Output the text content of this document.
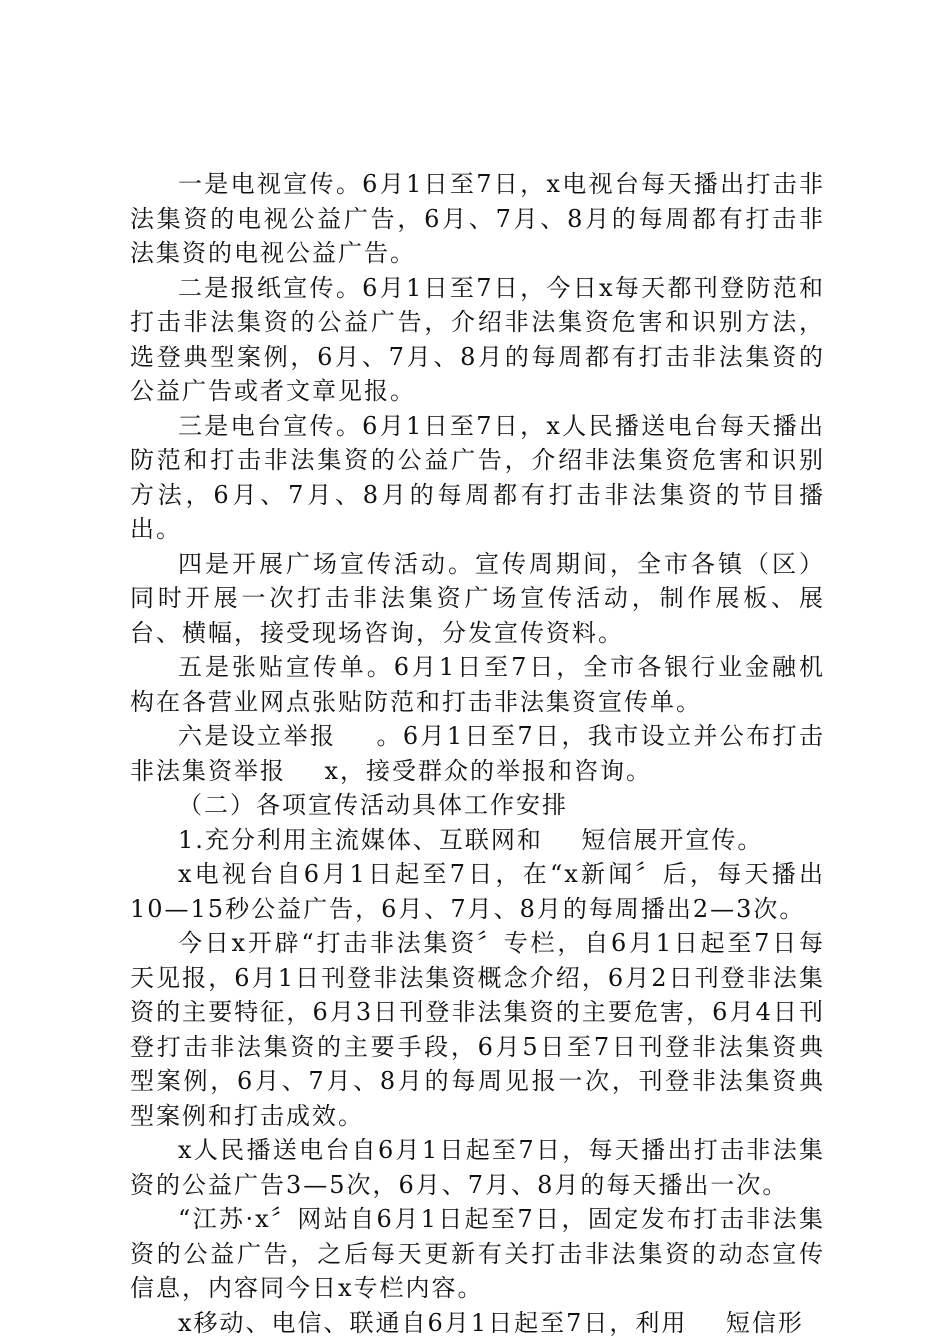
一是电视宣传。6月1日至7日，x电视台每天播出打击非法集资的电视公益广告，6月、7月、8月的每周都有打击非法集资的电视公益广告。

二是报纸宣传。6月1日至7日，今日x每天都刊登防范和打击非法集资的公益广告，介绍非法集资危害和识别方法，选登典型案例，6月、7月、8月的每周都有打击非法集资的公益广告或者文章见报。

三是电台宣传。6月1日至7日，x人民播送电台每天播出防范和打击非法集资的公益广告，介绍非法集资危害和识别方法，6月、7月、8月的每周都有打击非法集资的节目播出。

四是开展广场宣传活动。宣传周期间，全市各镇（区）同时开展一次打击非法集资广场宣传活动，制作展板、展台、横幅，接受现场咨询，分发宣传资料。

五是张贴宣传单。6月1日至7日，全市各银行业金融机构在各营业网点张贴防范和打击非法集资宣传单。

六是设立举报    。6月1日至7日，我市设立并公布打击非法集资举报    x，接受群众的举报和咨询。

（二）各项宣传活动具体工作安排

1.充分利用主流媒体、互联网和    短信展开宣传。

x电视台自6月1日起至7日，在“x新闻〞后，每天播出10—15秒公益广告，6月、7月、8月的每周播出2—3次。

今日x开辟“打击非法集资〞专栏，自6月1日起至7日每天见报，6月1日刊登非法集资概念介绍，6月2日刊登非法集资的主要特征，6月3日刊登非法集资的主要危害，6月4日刊登打击非法集资的主要手段，6月5日至7日刊登非法集资典型案例，6月、7月、8月的每周见报一次，刊登非法集资典型案例和打击成效。

x人民播送电台自6月1日起至7日，每天播出打击非法集资的公益广告3—5次，6月、7月、8月的每天播出一次。

“江苏·x〞网站自6月1日起至7日，固定发布打击非法集资的公益广告，之后每天更新有关打击非法集资的动态宣传信息，内容同今日x专栏内容。

x移动、电信、联通自6月1日起至7日，利用    短信形
